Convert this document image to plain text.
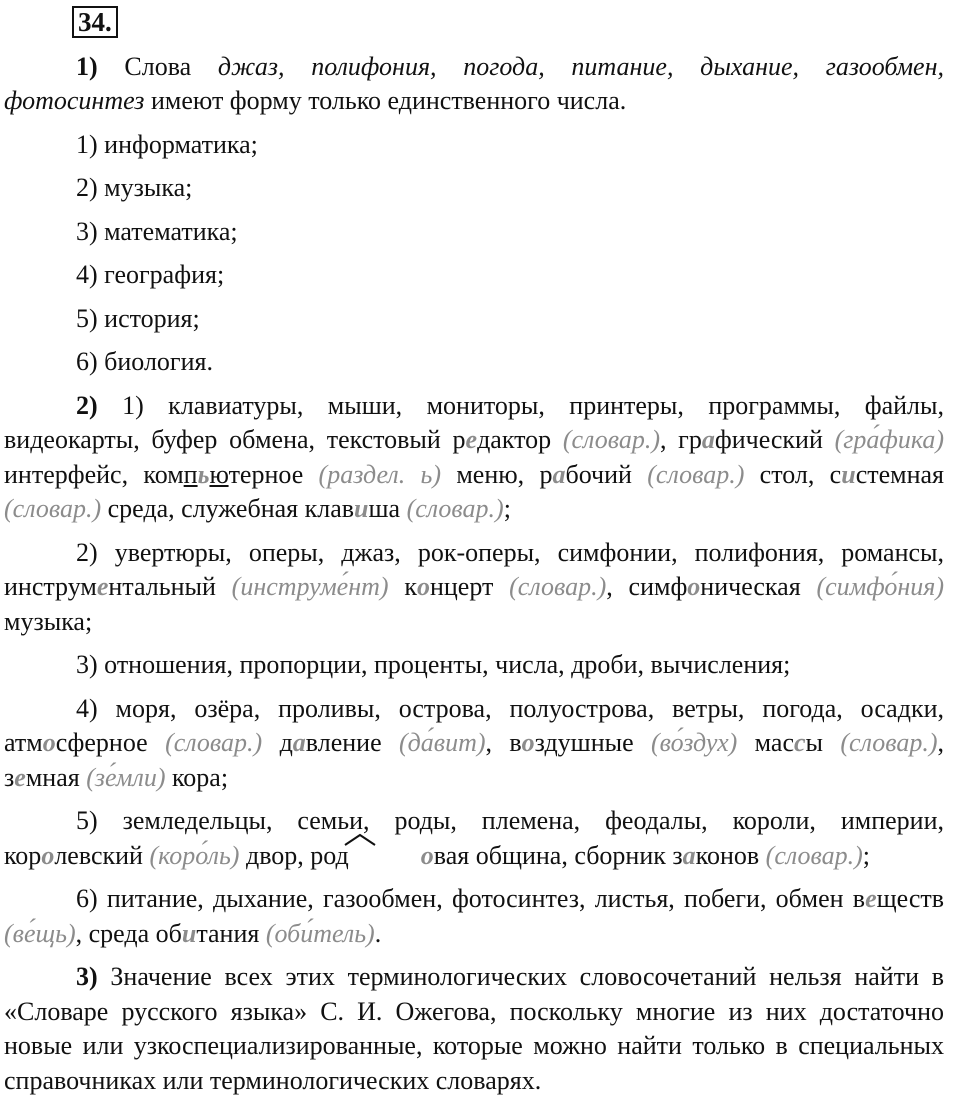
34.

1) Слова джаз, полифония, погода, питание, дыхание, газообмен, фотосинтез имеют форму только единственного числа.

1) информатика;

2) музыка;

3) математика;

4) география;

5) история;

6) биология.

2) 1) клавиатуры, мыши, мониторы, принтеры, программы, файлы, видеокарты, буфер обмена, текстовый редактор (словар.), графический (гра́фика) интерфейс, компьютерное (раздел. ь) меню, рабочий (словар.) стол, системная (словар.) среда, служебная клавиша (словар.);

2) увертюры, оперы, джаз, рок-оперы, симфонии, полифония, романсы, инструментальный (инструме́нт) концерт (словар.), симфоническая (симфо́ния) музыка;

3) отношения, пропорции, проценты, числа, дроби, вычисления;

4) моря, озёра, проливы, острова, полуострова, ветры, погода, осадки, атмосферное (словар.) давление (да́вит), воздушные (во́здух) массы (словар.), земная (зе́мли) кора;

5) земледельцы, семьи, роды, племена, феодалы, короли, империи, королевский (коро́ль) двор, род	овая община, сборник законов (словар.);

6) питание, дыхание, газообмен, фотосинтез, листья, побеги, обмен веществ (ве́щь), среда обитания (оби́тель).

3) Значение всех этих терминологических словосочетаний нельзя найти в «Словаре русского языка» С. И. Ожегова, поскольку многие из них достаточно новые или узкоспециализированные, которые можно найти только в специальных справочниках или терминологических словарях.
